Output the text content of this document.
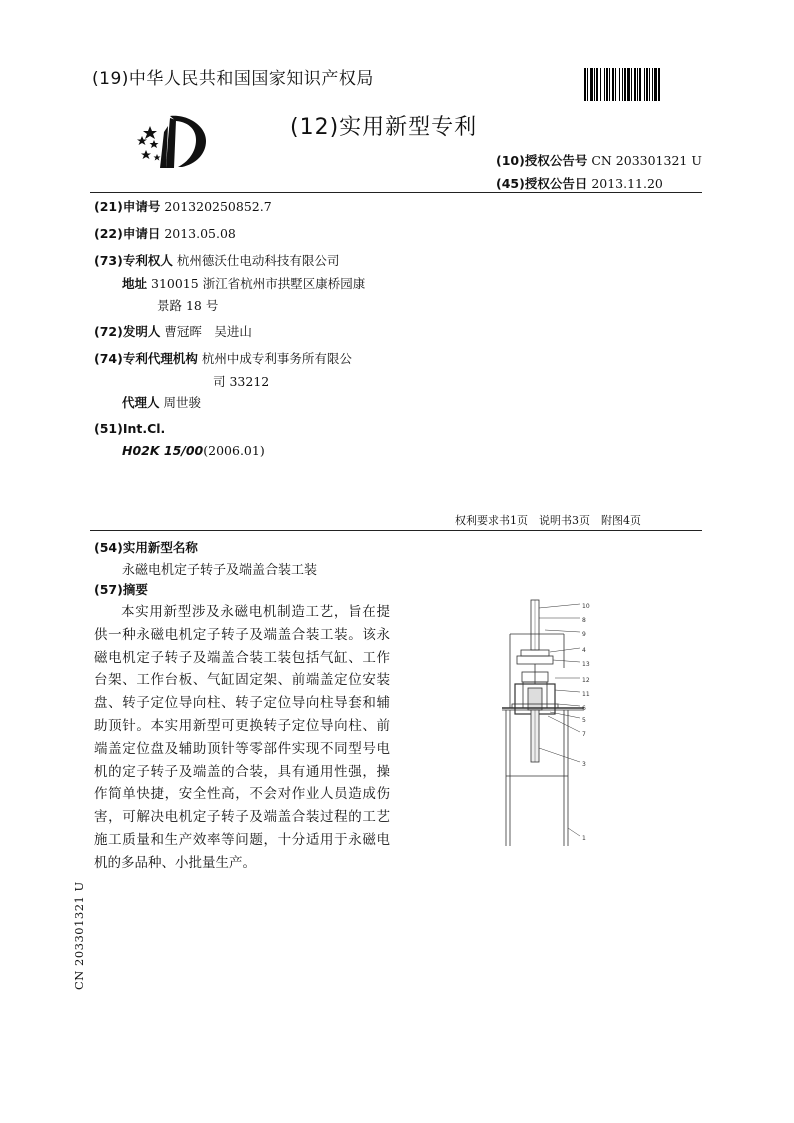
(19)中华人民共和国国家知识产权局
(12)实用新型专利
(10)授权公告号 CN 203301321 U
(45)授权公告日 2013.11.20
(21)申请号 201320250852.7
(22)申请日 2013.05.08
(73)专利权人 杭州德沃仕电动科技有限公司
地址 310015 浙江省杭州市拱墅区康桥园康
景路 18 号
(72)发明人 曹冠晖　吴进山
(74)专利代理机构 杭州中成专利事务所有限公
司 33212
代理人 周世骏
(51)Int.Cl.
H02K 15/00(2006.01)
权利要求书1页　说明书3页　附图4页
(54)实用新型名称
永磁电机定子转子及端盖合装工装
(57)摘要

本实用新型涉及永磁电机制造工艺，旨在提供一种永磁电机定子转子及端盖合装工装。该永磁电机定子转子及端盖合装工装包括气缸、工作台架、工作台板、气缸固定架、前端盖定位安装盘、转子定位导向柱、转子定位导向柱导套和辅助顶针。本实用新型可更换转子定位导向柱、前端盖定位盘及辅助顶针等零部件实现不同型号电机的定子转子及端盖的合装，具有通用性强，操作简单快捷，安全性高，不会对作业人员造成伤害，可解决电机定子转子及端盖合装过程的工艺施工质量和生产效率等问题，十分适用于永磁电机的多品种、小批量生产。

10
8
9
4
13
12
11
6
5
7
3
1
CN 203301321 U
